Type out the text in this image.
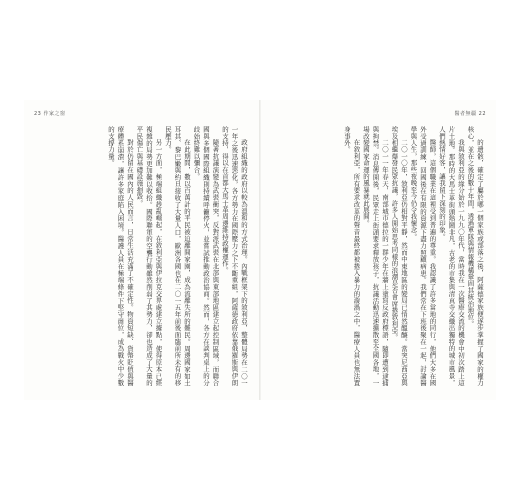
23 作家之窗

政府組織的政府以較為溫和的方式治理。內戰框架下的敘利亞，整體局勢在二〇一一年之後迅速惡化，各方勢力在國際壓力之下不斷重組，阿薩德政府依靠俄羅斯與伊朗的支持，得以在首都大馬士革周邊維持政權運作。

隨著抗議演變為武裝衝突，反對派武裝在北部與東部地區建立起控制區域，而聯合國與多個國際組織則持續呼籲停火，並嘗試推動政治協商。然而，各方在談判桌上的分歧始終難以彌合。

在此期間，數以百萬計的平民被迫離開家園，成為流離失所的難民。周邊國家如土耳其、黎巴嫩與約旦接收了大量人口，歐洲各國也在二〇一五年前後面臨前所未有的移民壓力。

另一方面，極端組織趁亂崛起，在敘利亞與伊拉克交界處建立據點，使得原本已經複雜的局勢更加難以收拾。國際聯軍的空襲行動雖然削弱了其勢力，卻也造成了大量的平民傷亡與基礎設施損毀。

對於仍留在國內的人民而言，日常生活充滿了不確定性。物資短缺、貨幣貶值與醫療體系崩潰，讓許多家庭陷入困境。醫護人員在極端條件下堅守崗位，成為戰火中少數的支撐力量。

醫者無疆 22

的遺骸，確定了屬於哪一個家族或部落之後，阿薩德家族便逐步掌握了國家的權力核心，並在之後的數十年間，透過軍隊與情報機構鞏固其統治地位。

我與敘利亞的緣分始於一九九〇年代，當時我在一次醫療交流的機會中初次踏上這片土地。那時的大馬士革街頭熱鬧非凡，古老的市集與清真寺交織出獨特的城市風景，人們熱情好客，讓我留下深刻的印象。

醫師，這個職業在這裡受到普遍的尊重。我認識了許多當地的同行，他們大多在國外受過訓練，回國後在有限的資源下盡力照顧病患。我們常在下班後聚在一起，討論醫學與人生，那些夜晚至今仍令我懷念。

二〇一〇年，敘利亞仍相對平靜，然而中東地區的變局已悄然醞釀。當突尼西亞與埃及相繼爆發民眾抗議，許多人開始思考同樣的浪潮是否會席捲敘利亞。

二〇一一年春天，南部城市德拉的一群少年在牆上塗寫反政府標語，隨即遭到逮捕與拘禁。消息傳開後，民眾走上街頭要求釋放孩子，抗議活動迅速擴散至全國各地，一場改變國家命運的風暴就此展開。

在敘利亞，所有要求改革的聲音最終都被捲入暴力的漩渦之中，醫療人員也無法置身事外。
